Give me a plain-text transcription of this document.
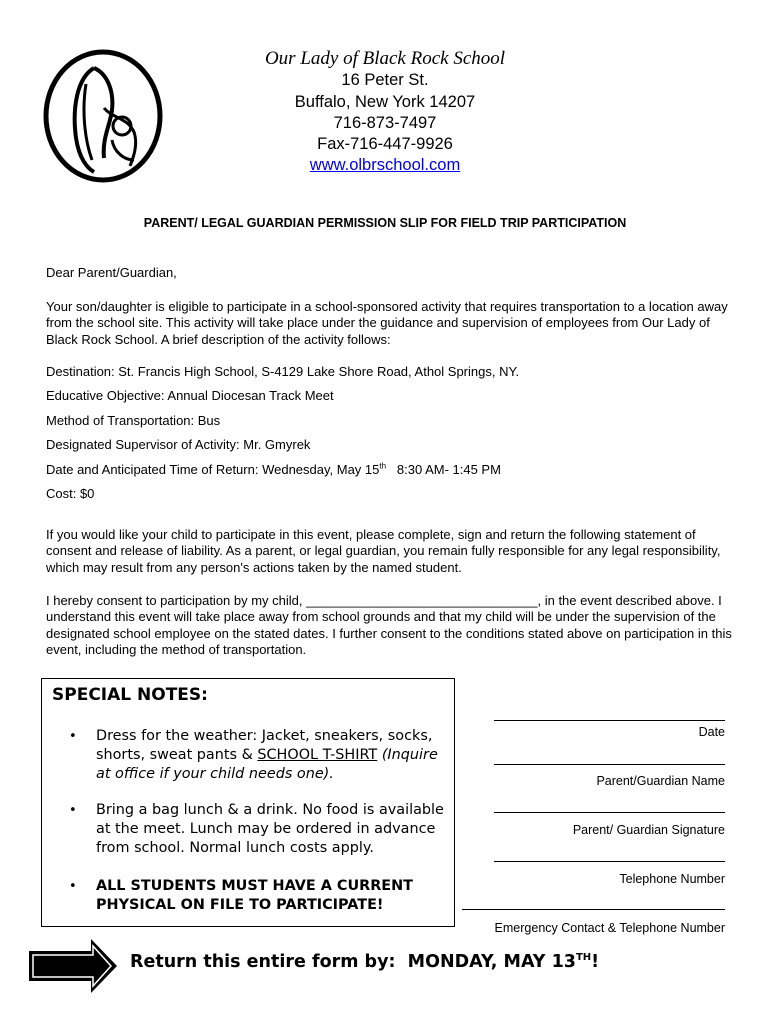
Our Lady of Black Rock School
16 Peter St.
Buffalo, New York 14207
716-873-7497
Fax-716-447-9926
www.olbrschool.com
PARENT/ LEGAL GUARDIAN PERMISSION SLIP FOR FIELD TRIP PARTICIPATION
Dear Parent/Guardian,
Your son/daughter is eligible to participate in a school-sponsored activity that requires transportation to a location away from the school site. This activity will take place under the guidance and supervision of employees from Our Lady of Black Rock School. A brief description of the activity follows:
Destination: St. Francis High School, S-4129 Lake Shore Road, Athol Springs, NY.
Educative Objective: Annual Diocesan Track Meet
Method of Transportation: Bus
Designated Supervisor of Activity: Mr. Gmyrek
Date and Anticipated Time of Return: Wednesday, May 15th   8:30 AM- 1:45 PM
Cost: $0
If you would like your child to participate in this event, please complete, sign and return the following statement of consent and release of liability. As a parent, or legal guardian, you remain fully responsible for any legal responsibility, which may result from any person's actions taken by the named student.
I hereby consent to participation by my child, ________________________________, in the event described above. I understand this event will take place away from school grounds and that my child will be under the supervision of the designated school employee on the stated dates. I further consent to the conditions stated above on participation in this event, including the method of transportation.
SPECIAL NOTES:
• Dress for the weather: Jacket, sneakers, socks, shorts, sweat pants & SCHOOL T-SHIRT (Inquire at office if your child needs one).
• Bring a bag lunch & a drink. No food is available at the meet. Lunch may be ordered in advance from school. Normal lunch costs apply.
• ALL STUDENTS MUST HAVE A CURRENT PHYSICAL ON FILE TO PARTICIPATE!
Date
Parent/Guardian Name
Parent/ Guardian Signature
Telephone Number
Emergency Contact & Telephone Number
Return this entire form by:  MONDAY, MAY 13TH!
